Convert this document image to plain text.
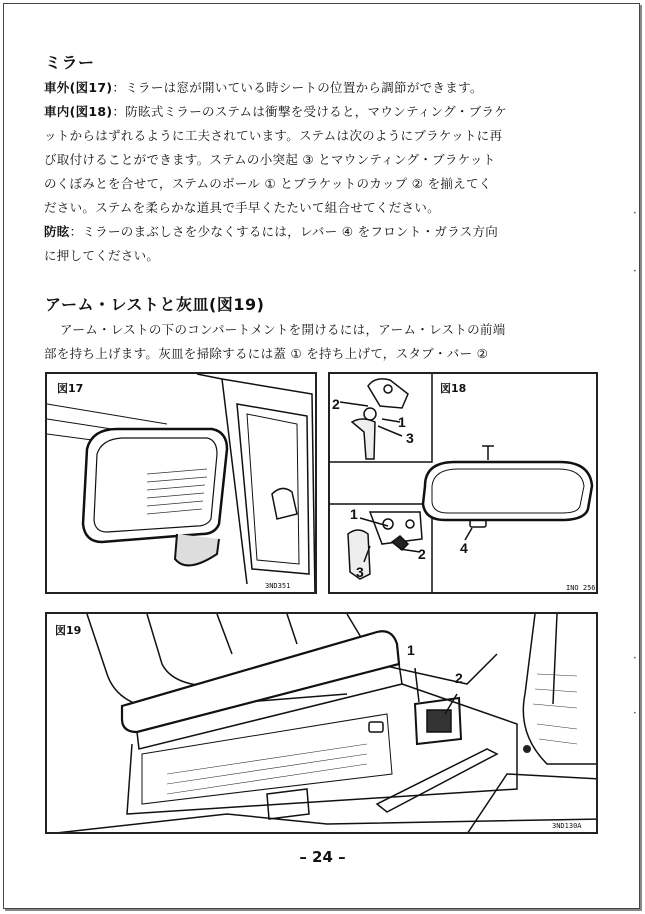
ミラー
車外(図17)：ミラーは窓が開いている時シートの位置から調節ができます。
車内(図18)：防眩式ミラーのステムは衝撃を受けると，マウンティング・ブラケ
ットからはずれるように工夫されています。ステムは次のようにブラケットに再
び取付けることができます。ステムの小突起 ③ とマウンティング・ブラケット
のくぼみとを合せて，ステムのボール ① とブラケットのカップ ② を揃えてく
ださい。ステムを柔らかな道具で手早くたたいて組合せてください。
防眩：ミラーのまぶしさを少なくするには，レバー ④ をフロント・ガラス方向
に押してください。
アーム・レストと灰皿(図19)
アーム・レストの下のコンパートメントを開けるには，アーム・レストの前端
部を持ち上げます。灰皿を掃除するには蓋 ① を持ち上げて，スタブ・バー ②
図17
3ND351
図18
2
1
3
1
2
3
4
INO 256
図19
1
2
3ND130A
•
•
•
•
– 24 –
